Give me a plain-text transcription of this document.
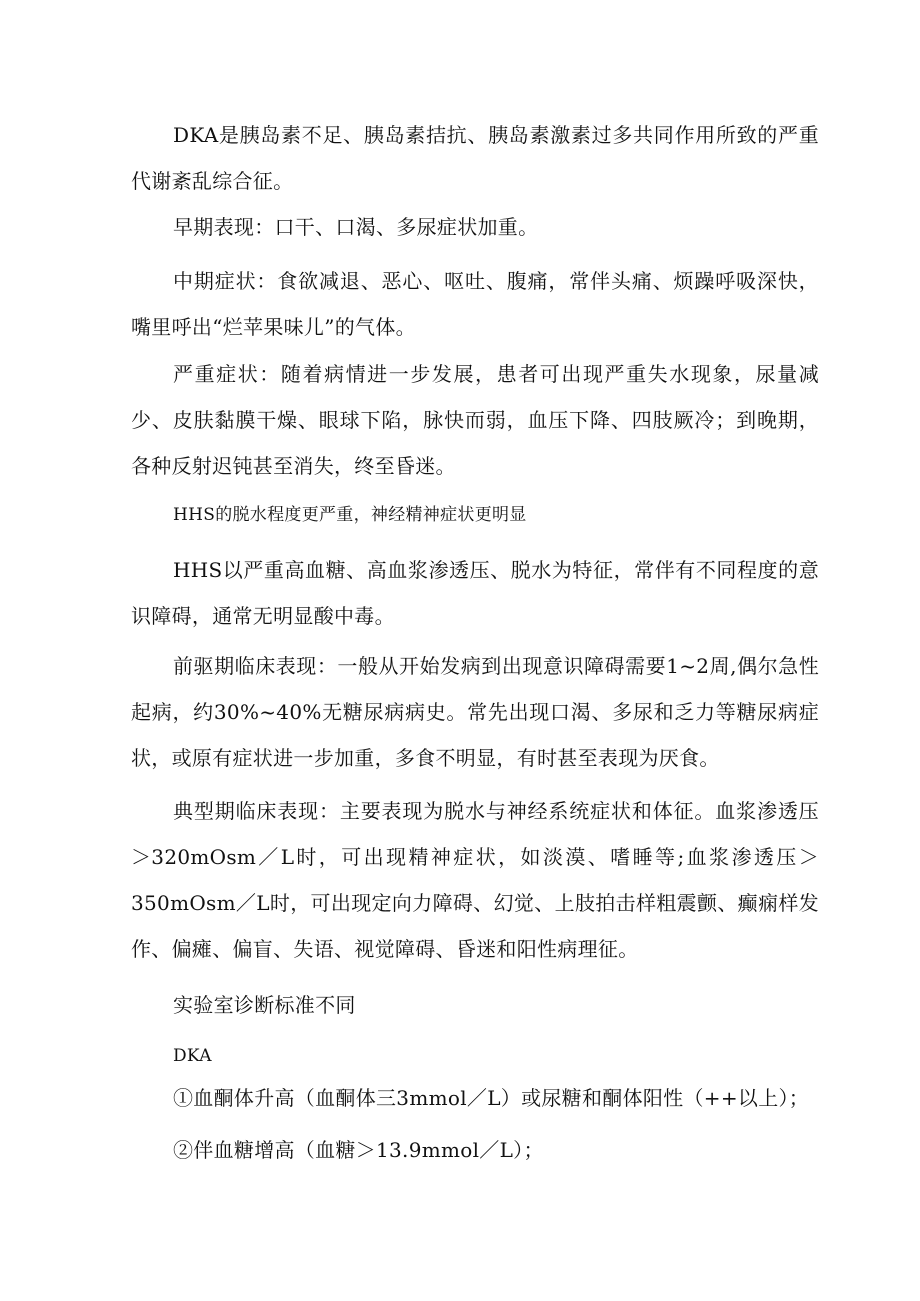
DKA是胰岛素不足、胰岛素拮抗、胰岛素激素过多共同作用所致的严重代谢紊乱综合征。

早期表现：口干、口渴、多尿症状加重。

中期症状：食欲减退、恶心、呕吐、腹痛，常伴头痛、烦躁呼吸深快，嘴里呼出“烂苹果味儿”的气体。

严重症状：随着病情进一步发展，患者可出现严重失水现象，尿量减少、皮肤黏膜干燥、眼球下陷，脉快而弱，血压下降、四肢厥冷；到晚期，各种反射迟钝甚至消失，终至昏迷。

HHS的脱水程度更严重，神经精神症状更明显

HHS以严重高血糖、高血浆渗透压、脱水为特征，常伴有不同程度的意识障碍，通常无明显酸中毒。

前驱期临床表现：一般从开始发病到出现意识障碍需要1~2周,偶尔急性起病，约30%~40%无糖尿病病史。常先出现口渴、多尿和乏力等糖尿病症状，或原有症状进一步加重，多食不明显，有时甚至表现为厌食。

典型期临床表现：主要表现为脱水与神经系统症状和体征。血浆渗透压＞320mOsm／L时，可出现精神症状，如淡漠、嗜睡等;血浆渗透压＞350mOsm／L时，可出现定向力障碍、幻觉、上肢拍击样粗震颤、癫痫样发作、偏瘫、偏盲、失语、视觉障碍、昏迷和阳性病理征。

实验室诊断标准不同

DKA

①血酮体升高（血酮体三3mmol／L）或尿糖和酮体阳性（++以上）；

②伴血糖增高（血糖＞13.9mmol／L）；
